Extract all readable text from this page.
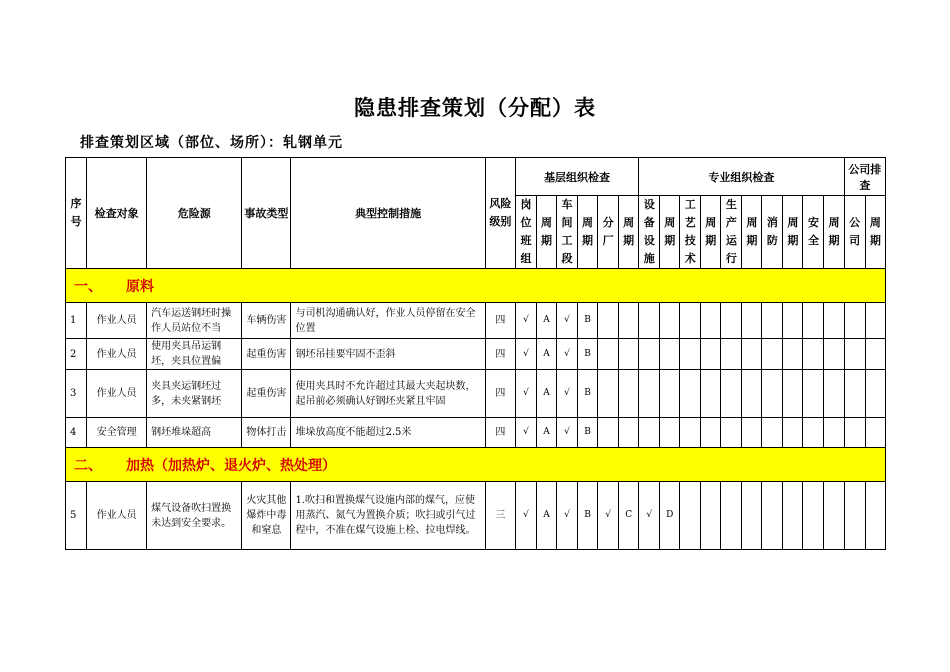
隐患排查策划（分配）表
排查策划区域（部位、场所）：轧钢单元
序号	检查对象	危险源	事故类型	典型控制措施	风险级别	基层组织检查						专业组织检查										公司排查	
						岗位班组	周期	车间工段	周期	分厂	周期	设备设施	周期	工艺技术	周期	生产运行	周期	消防	周期	安全	周期	公司	周期
一、 原料																							
1	作业人员	汽车运送钢坯时操作人员站位不当	车辆伤害	与司机沟通确认好，作业人员停留在安全位置	四	√	A	√	B														
2	作业人员	使用夹具吊运钢坯，夹具位置偏	起重伤害	钢坯吊挂要牢固不歪斜	四	√	A	√	B														
3	作业人员	夹具夹运钢坯过多，未夹紧钢坯	起重伤害	使用夹具时不允许超过其最大夹起块数，起吊前必须确认好钢坯夹紧且牢固	四	√	A	√	B														
4	安全管理	钢坯堆垛超高	物体打击	堆垛放高度不能超过2.5米	四	√	A	√	B														
二、 加热（加热炉、退火炉、热处理）																							
5	作业人员	煤气设备吹扫置换未达到安全要求。	火灾其他爆炸中毒和窒息	1.吹扫和置换煤气设施内部的煤气，应使用蒸汽、氮气为置换介质；吹扫或引气过程中，不准在煤气设施上栓、拉电焊线。	三	√	A	√	B	√	C	√	D										
